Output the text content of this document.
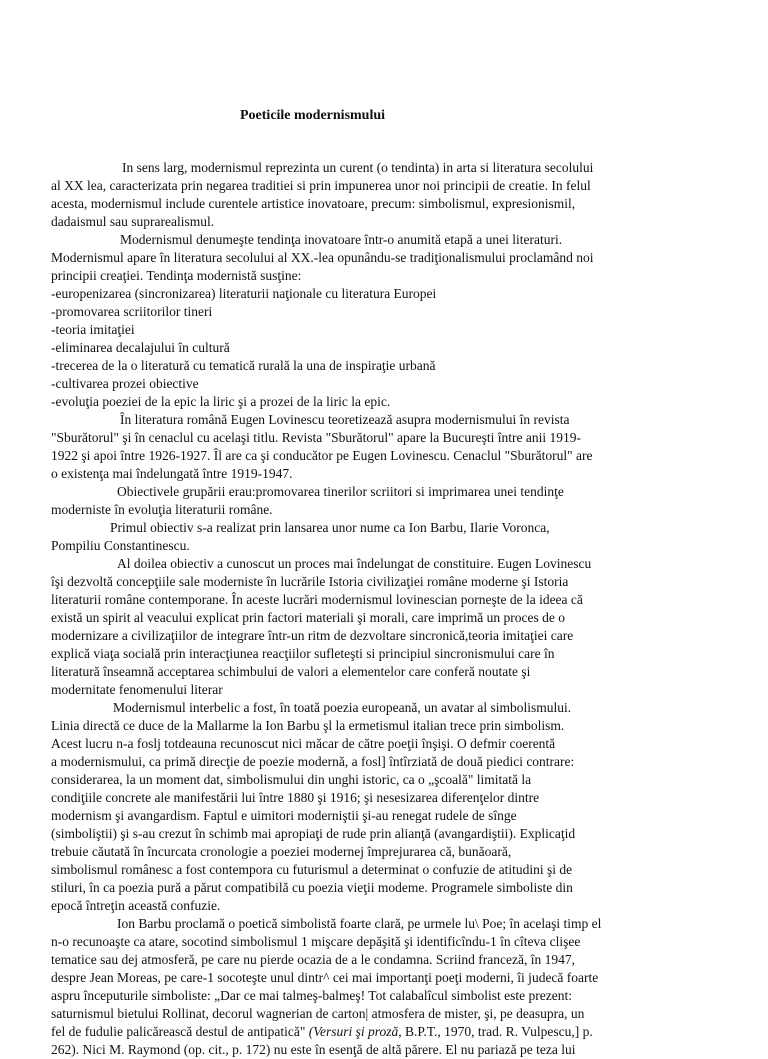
Poeticile modernismului
In sens larg, modernismul reprezinta un curent (o tendinta) in arta si literatura secolului
al XX lea, caracterizata prin negarea traditiei si prin impunerea unor noi principii de creatie. In felul
acesta, modernismul include curentele artistice inovatoare, precum: simbolismul, expresionismil,
dadaismul sau suprarealismul.
Modernismul denumeşte tendinţa inovatoare într-o anumită etapă a unei literaturi.
Modernismul apare în literatura secolului al XX.-lea opunându-se tradiţionalismului proclamând noi
principii creaţiei. Tendinţa modernistă susţine:
-europenizarea (sincronizarea) literaturii naţionale cu literatura Europei
-promovarea scriitorilor tineri
-teoria imitaţiei
-eliminarea decalajului în cultură
-trecerea de la o literatură cu tematică rurală la una de inspiraţie urbană
-cultivarea prozei obiective
-evoluţia poeziei de la epic la liric şi a prozei de la liric la epic.
În literatura română Eugen Lovinescu teoretizează asupra modernismului în revista
"Sburătorul" şi în cenaclul cu acelaşi titlu. Revista "Sburătorul" apare la Bucureşti între anii 1919-
1922 şi apoi între 1926-1927. Îl are ca şi conducător pe Eugen Lovinescu. Cenaclul "Sburătorul" are
o existenţa mai îndelungată între 1919-1947.
Obiectivele grupării erau:promovarea tinerilor scriitori si imprimarea unei tendinţe
moderniste în evoluţia literaturii române.
Primul obiectiv s-a realizat prin lansarea unor nume ca Ion Barbu, Ilarie Voronca,
Pompiliu Constantinescu.
Al doilea obiectiv a cunoscut un proces mai îndelungat de constituire. Eugen Lovinescu
îşi dezvoltă concepţiile sale moderniste în lucrările Istoria civilizaţiei române moderne şi Istoria
literaturii române contemporane. În aceste lucrări modernismul lovinescian porneşte de la ideea că
există un spirit al veacului explicat prin factori materiali şi morali, care imprimă un proces de o
modernizare a civilizaţiilor de integrare într-un ritm de dezvoltare sincronică,teoria imitaţiei care
explică viaţa socială prin interacţiunea reacţiilor sufleteşti si principiul sincronismului care în
literatură înseamnă acceptarea schimbului de valori a elementelor care conferă noutate şi
modernitate fenomenului literar
Modernismul interbelic a fost, în toată poezia europeană, un avatar al simbolismului.
Linia directă ce duce de la Mallarme la Ion Barbu şl la ermetismul italian trece prin simbolism.
Acest lucru n-a foslj totdeauna recunoscut nici măcar de către poeţii înşişi. O defmir coerentă
a modernismului, ca primă direcţie de poezie modernă, a fosl] întîrziată de două piedici contrare:
considerarea, la un moment dat, simbolismului din unghi istoric, ca o „şcoală" limitată la
condiţiile concrete ale manifestării lui între 1880 şi 1916; şi nesesizarea diferenţelor dintre
modernism şi avangardism. Faptul e uimitori moderniştii şi-au renegat rudele de sînge
(simboliştii) şi s-au crezut în schimb mai apropiaţi de rude prin alianţă (avangardiştii). Explicaţid
trebuie căutată în încurcata cronologie a poeziei modernej împrejurarea că, bunăoară,
simbolismul românesc a fost contempora cu futurismul a determinat o confuzie de atitudini şi de
stiluri, în ca poezia pură a părut compatibilă cu poezia vieţii modeme. Programele simboliste din
epocă întreţin această confuzie.
Ion Barbu proclamă o poetică simbolistă foarte clară, pe urmele lu\ Poe; în acelaşi timp el
n-o recunoaşte ca atare, socotind simbolismul 1 mişcare depăşită şi identificîndu-1 în cîteva clişee
tematice sau dej atmosferă, pe care nu pierde ocazia de a le condamna. Scriind franceză, în 1947,
despre Jean Moreas, pe care-1 socoteşte unul dintr^ cei mai importanţi poeţi moderni, îi judecă foarte
aspru începuturile simboliste: „Dar ce mai talmeş-balmeş! Tot calabalîcul simbolist este prezent:
saturnismul bietului Rollinat, decorul wagnerian de carton| atmosfera de mister, şi, pe deasupra, un
fel de fudulie palicărească destul de antipatică" (Versuri şi proză, B.P.T., 1970, trad. R. Vulpescu,] p.
262). Nici M. Raymond (op. cit., p. 172) nu este în esenţă de altă părere. El nu pariază pe teza lui
